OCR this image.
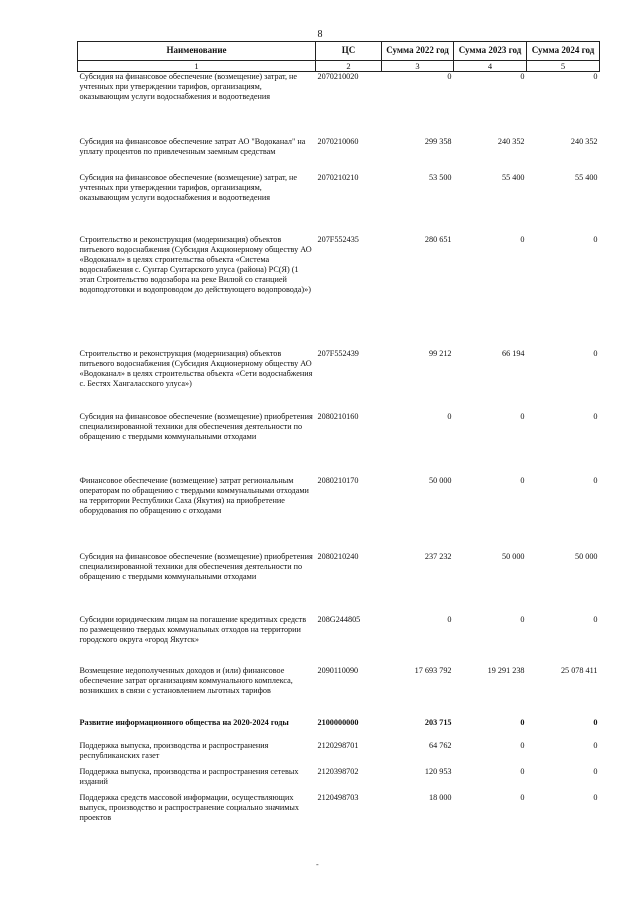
8
Наименование	ЦС	Сумма 2022 год	Сумма 2023 год	Сумма 2024 год
1	2	3	4	5
Субсидия на финансовое обеспечение (возмещение) затрат, не учтенных при утверждении тарифов, организациям, оказывающим услуги водоснабжения и водоотведения	2070210020	0	0	0
Субсидия на финансовое обеспечение затрат АО "Водоканал" на уплату процентов по привлеченным заемным средствам	2070210060	299 358	240 352	240 352
Субсидия на финансовое обеспечение (возмещение) затрат, не учтенных при утверждении тарифов, организациям, оказывающим услуги водоснабжения и водоотведения	2070210210	53 500	55 400	55 400
Строительство и реконструкция (модернизация) объектов питьевого водоснабжения (Субсидия Акционерному обществу АО «Водоканал» в целях строительства объекта «Система водоснабжения с. Сунтар Сунтарского улуса (района) РС(Я) (1 этап Строительство водозабора на реке Вилюй со станцией водоподготовки и водопроводом до действующего водопровода)»)	207F552435	280 651	0	0
Строительство и реконструкция (модернизация) объектов питьевого водоснабжения (Субсидия Акционерному обществу АО «Водоканал» в целях строительства объекта «Сети водоснабжения с. Бестях Хангаласского улуса»)	207F552439	99 212	66 194	0
Субсидия на финансовое обеспечение (возмещение) приобретения специализированной техники для обеспечения деятельности по обращению с твердыми коммунальными отходами	2080210160	0	0	0
Финансовое обеспечение (возмещение) затрат региональным операторам по обращению с твердыми коммунальными отходами на территории Республики Саха (Якутия) на приобретение оборудования по обращению с отходами	2080210170	50 000	0	0
Субсидия на финансовое обеспечение (возмещение) приобретения специализированной техники для обеспечения деятельности по обращению с твердыми коммунальными отходами	2080210240	237 232	50 000	50 000
Субсидии юридическим лицам на погашение кредитных средств по размещению твердых коммунальных отходов на территории городского округа «город Якутск»	208G244805	0	0	0
Возмещение недополученных доходов и (или) финансовое обеспечение затрат организациям коммунального комплекса, возникших в связи с установлением льготных тарифов	2090110090	17 693 792	19 291 238	25 078 411
Развитие информационного общества на 2020-2024 годы	2100000000	203 715	0	0
Поддержка выпуска, производства и распространения республиканских газет	2120298701	64 762	0	0
Поддержка выпуска, производства и распространения сетевых изданий	2120398702	120 953	0	0
Поддержка средств массовой информации, осуществляющих выпуск, производство и распространение социально значимых проектов	2120498703	18 000	0	0
-
